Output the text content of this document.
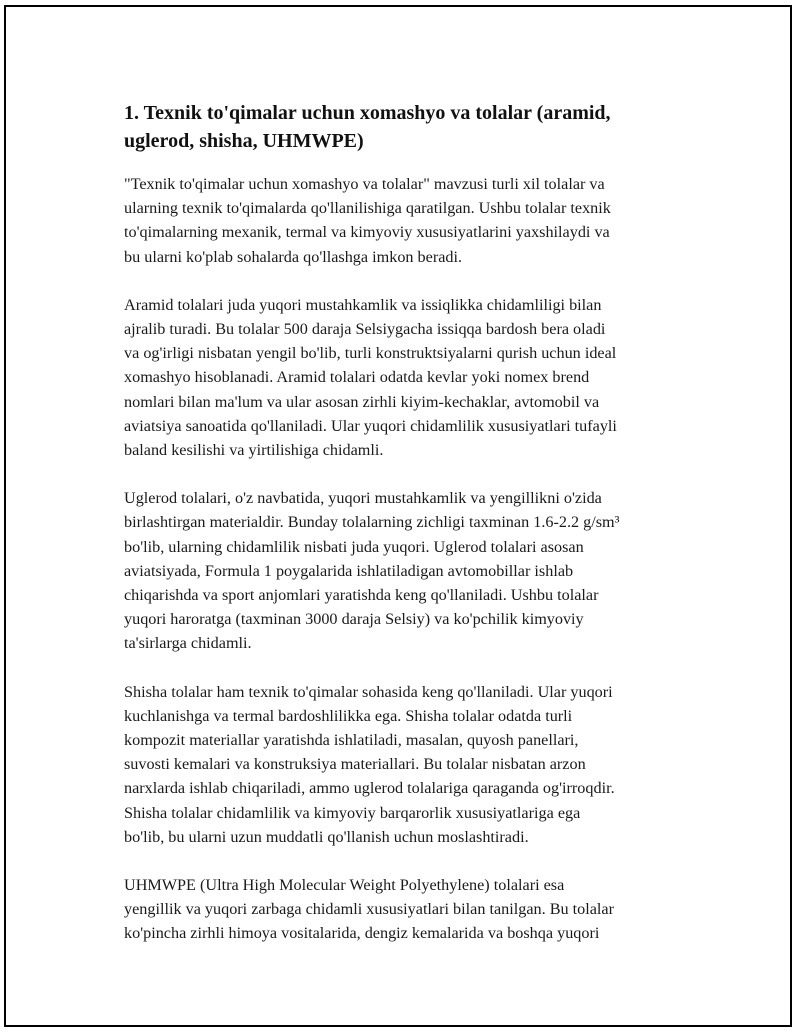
1. Texnik to'qimalar uchun xomashyo va tolalar (aramid,
uglerod, shisha, UHMWPE)

"Texnik to'qimalar uchun xomashyo va tolalar" mavzusi turli xil tolalar va
ularning texnik to'qimalarda qo'llanilishiga qaratilgan. Ushbu tolalar texnik
to'qimalarning mexanik, termal va kimyoviy xususiyatlarini yaxshilaydi va
bu ularni ko'plab sohalarda qo'llashga imkon beradi.

Aramid tolalari juda yuqori mustahkamlik va issiqlikka chidamliligi bilan
ajralib turadi. Bu tolalar 500 daraja Selsiygacha issiqqa bardosh bera oladi
va og'irligi nisbatan yengil bo'lib, turli konstruktsiyalarni qurish uchun ideal
xomashyo hisoblanadi. Aramid tolalari odatda kevlar yoki nomex brend
nomlari bilan ma'lum va ular asosan zirhli kiyim-kechaklar, avtomobil va
aviatsiya sanoatida qo'llaniladi. Ular yuqori chidamlilik xususiyatlari tufayli
baland kesilishi va yirtilishiga chidamli.

Uglerod tolalari, o'z navbatida, yuqori mustahkamlik va yengillikni o'zida
birlashtirgan materialdir. Bunday tolalarning zichligi taxminan 1.6-2.2 g/sm³
bo'lib, ularning chidamlilik nisbati juda yuqori. Uglerod tolalari asosan
aviatsiyada, Formula 1 poygalarida ishlatiladigan avtomobillar ishlab
chiqarishda va sport anjomlari yaratishda keng qo'llaniladi. Ushbu tolalar
yuqori haroratga (taxminan 3000 daraja Selsiy) va ko'pchilik kimyoviy
ta'sirlarga chidamli.

Shisha tolalar ham texnik to'qimalar sohasida keng qo'llaniladi. Ular yuqori
kuchlanishga va termal bardoshlilikka ega. Shisha tolalar odatda turli
kompozit materiallar yaratishda ishlatiladi, masalan, quyosh panellari,
suvosti kemalari va konstruksiya materiallari. Bu tolalar nisbatan arzon
narxlarda ishlab chiqariladi, ammo uglerod tolalariga qaraganda og'irroqdir.
Shisha tolalar chidamlilik va kimyoviy barqarorlik xususiyatlariga ega
bo'lib, bu ularni uzun muddatli qo'llanish uchun moslashtiradi.

UHMWPE (Ultra High Molecular Weight Polyethylene) tolalari esa
yengillik va yuqori zarbaga chidamli xususiyatlari bilan tanilgan. Bu tolalar
ko'pincha zirhli himoya vositalarida, dengiz kemalarida va boshqa yuqori
